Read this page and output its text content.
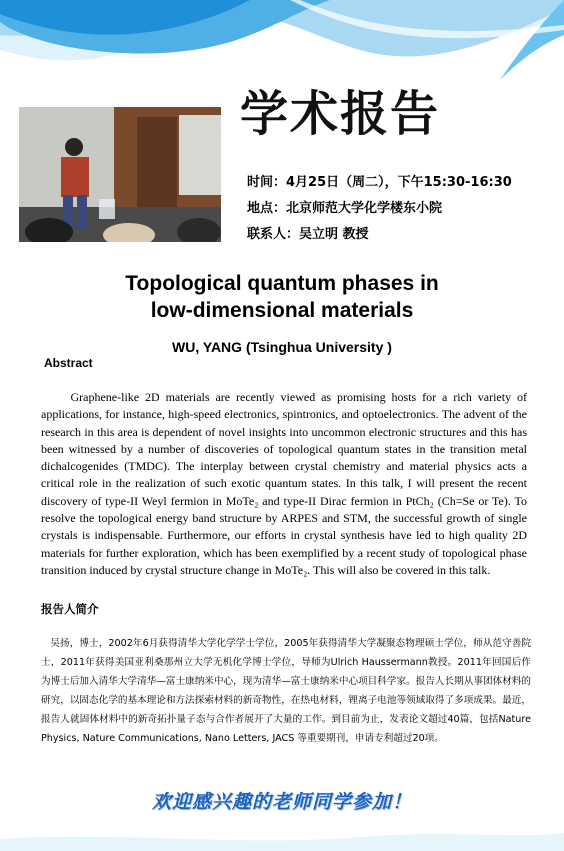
学术报告
时间：4月25日（周二），下午15:30-16:30
地点：北京师范大学化学楼东小院
联系人：吴立明 教授
Topological quantum phases in
low-dimensional materials
WU, YANG (Tsinghua University )
Abstract
Graphene-like 2D materials are recently viewed as promising hosts for a rich variety of applications, for instance, high-speed electronics, spintronics, and optoelectronics. The advent of the research in this area is dependent of novel insights into uncommon electronic structures and this has been witnessed by a number of discoveries of topological quantum states in the transition metal dichalcogenides (TMDC). The interplay between crystal chemistry and material physics acts a critical role in the realization of such exotic quantum states. In this talk, I will present the recent discovery of type-II Weyl fermion in MoTe₂ and type-II Dirac fermion in PtCh₂ (Ch=Se or Te). To resolve the topological energy band structure by ARPES and STM, the successful growth of single crystals is indispensable. Furthermore, our efforts in crystal synthesis have led to high quality 2D materials for further exploration, which has been exemplified by a recent study of topological phase transition induced by crystal structure change in MoTe₂. This will also be covered in this talk.
报告人简介
吴扬，博士，2002年6月获得清华大学化学学士学位，2005年获得清华大学凝聚态物理硕士学位，师从范守善院士，2011年获得美国亚利桑那州立大学无机化学博士学位，导师为Ulrich Haussermann教授。2011年回国后作为博士后加入清华大学清华—富士康纳米中心，现为清华—富士康纳米中心项目科学家。报告人长期从事团体材料的研究，以固态化学的基本理论和方法探索材料的新奇物性，在热电材料，锂离子电池等领域取得了多项成果。最近，报告人就固体材料中的新奇拓扑量子态与合作者展开了大量的工作。到目前为止，发表论文超过40篇，包括Nature Physics, Nature Communications, Nano Letters, JACS 等重要期刊，申请专利超过20项。
欢迎感兴趣的老师同学参加！
